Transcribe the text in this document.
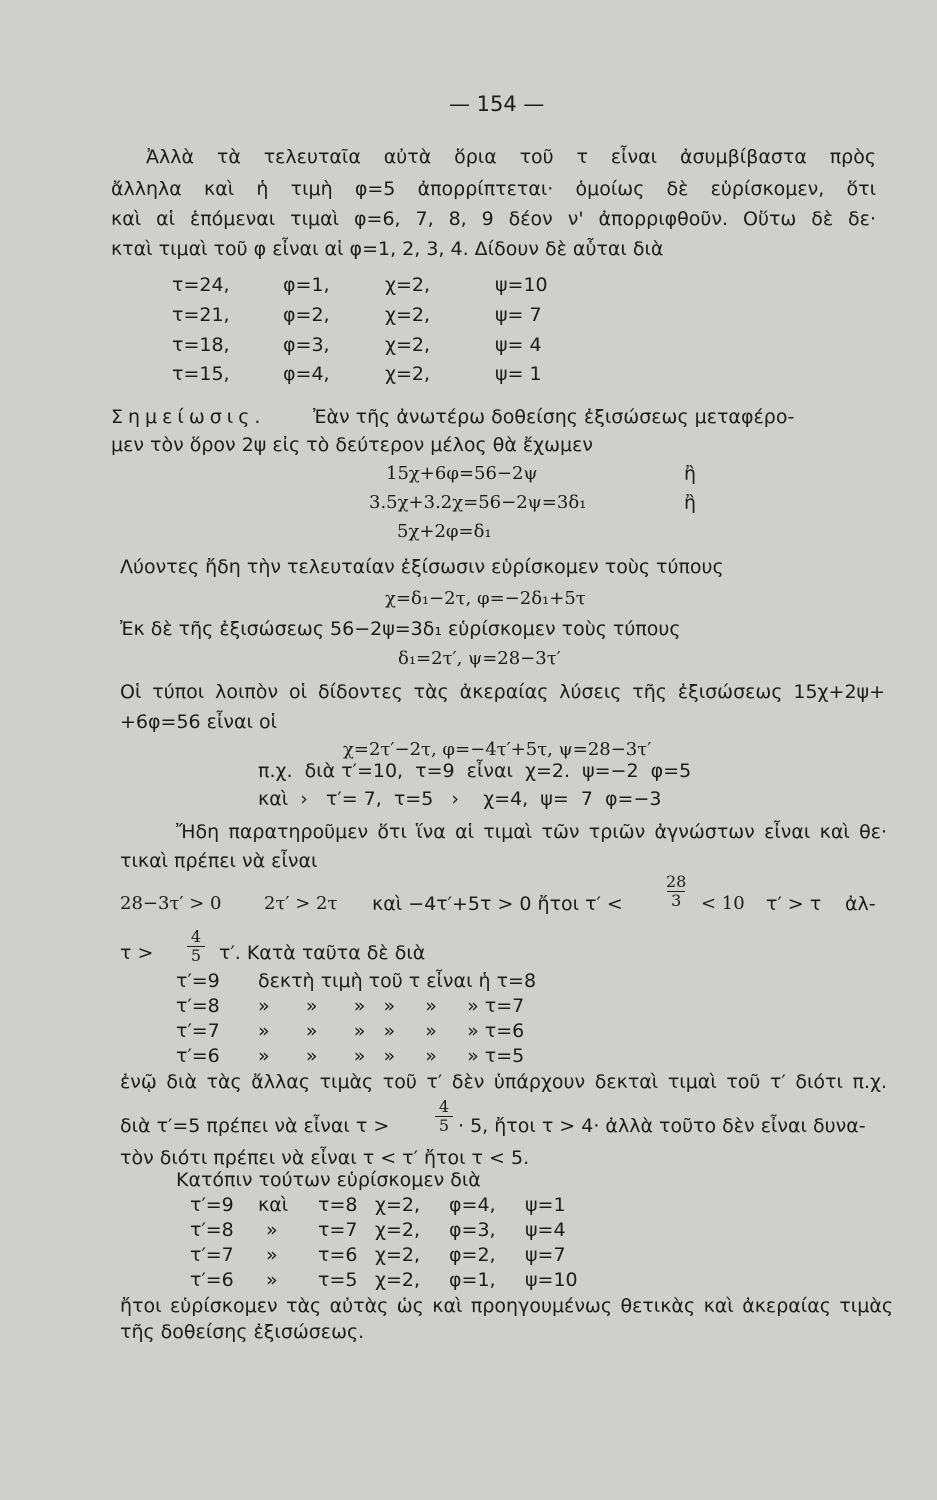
— 154 —
Ἀλλὰ τὰ τελευταῖα αὐτὰ ὅρια τοῦ τ εἶναι ἀσυμβίβαστα πρὸς
ἄλληλα καὶ ἡ τιμὴ φ=5 ἀπορρίπτεται· ὁμοίως δὲ εὑρίσκομεν, ὅτι
καὶ αἱ ἑπόμεναι τιμαὶ φ=6, 7, 8, 9 δέον ν' ἀπορριφθοῦν. Οὕτω δὲ δε·
κταὶ τιμαὶ τοῦ φ εἶναι αἱ φ=1, 2, 3, 4. Δίδουν δὲ αὗται διὰ
τ=24,	φ=1,	χ=2,	ψ=10
τ=21,	φ=2,	χ=2,	ψ= 7
τ=18,	φ=3,	χ=2,	ψ= 4
τ=15,	φ=4,	χ=2,	ψ= 1
Σημείωσις.	Ἐὰν τῆς ἀνωτέρω δοθείσης ἐξισώσεως μεταφέρο-
μεν τὸν ὅρον 2ψ εἰς τὸ δεύτερον μέλος θὰ ἔχωμεν
15χ+6φ=56−2ψ	ἢ
3.5χ+3.2χ=56−2ψ=3δ₁	ἢ
5χ+2φ=δ₁
Λύοντες ἤδη τὴν τελευταίαν ἐξίσωσιν εὑρίσκομεν τοὺς τύπους
χ=δ₁−2τ, φ=−2δ₁+5τ
Ἐκ δὲ τῆς ἐξισώσεως 56−2ψ=3δ₁ εὑρίσκομεν τοὺς τύπους
δ₁=2τ′, ψ=28−3τ′
Οἱ τύποι λοιπὸν οἱ δίδοντες τὰς ἀκεραίας λύσεις τῆς ἐξισώσεως 15χ+2ψ+
+6φ=56 εἶναι οἱ
χ=2τ′−2τ, φ=−4τ′+5τ, ψ=28−3τ′
π.χ.  διὰ τ′=10,  τ=9  εἶναι  χ=2.  ψ=−2  φ=5
καὶ  ›   τ′= 7,  τ=5   ›    χ=4,  ψ=  7  φ=−3
Ἤδη παρατηροῦμεν ὅτι ἵνα αἱ τιμαὶ τῶν τριῶν ἀγνώστων εἶναι καὶ θε·
τικαὶ πρέπει νὰ εἶναι
28−3τ′ > 0 2τ′ > 2τ καὶ −4τ′+5τ > 0 ἤτοι τ′ <
28
3 < 10 τ′ > τ ἀλ-
τ >
4
5 τ′. Κατὰ ταῦτα δὲ διὰ
τ′=9 δεκτὴ τιμὴ τοῦ τ εἶναι ἡ τ=8
τ′=8 »      »      »   »     »     » τ=7
τ′=7 »      »      »   »     »     » τ=6
τ′=6 »      »      »   »     »     » τ=5
ἐνῷ διὰ τὰς ἄλλας τιμὰς τοῦ τ′ δὲν ὑπάρχουν δεκταὶ τιμαὶ τοῦ τ′ διότι π.χ.
διὰ τ′=5 πρέπει νὰ εἶναι τ >
4
5 · 5, ἤτοι τ > 4· ἀλλὰ τοῦτο δὲν εἶναι δυνα-
τὸν διότι πρέπει νὰ εἶναι τ < τ′ ἤτοι τ < 5.
Κατόπιν τούτων εὑρίσκομεν διὰ
τ′=9 καὶ τ=8 χ=2, φ=4, ψ=1
τ′=8 » τ=7 χ=2, φ=3, ψ=4
τ′=7 » τ=6 χ=2, φ=2, ψ=7
τ′=6 » τ=5 χ=2, φ=1, ψ=10
ἤτοι εὑρίσκομεν τὰς αὐτὰς ὡς καὶ προηγουμένως θετικὰς καὶ ἀκεραίας τιμὰς
τῆς δοθείσης ἐξισώσεως.
